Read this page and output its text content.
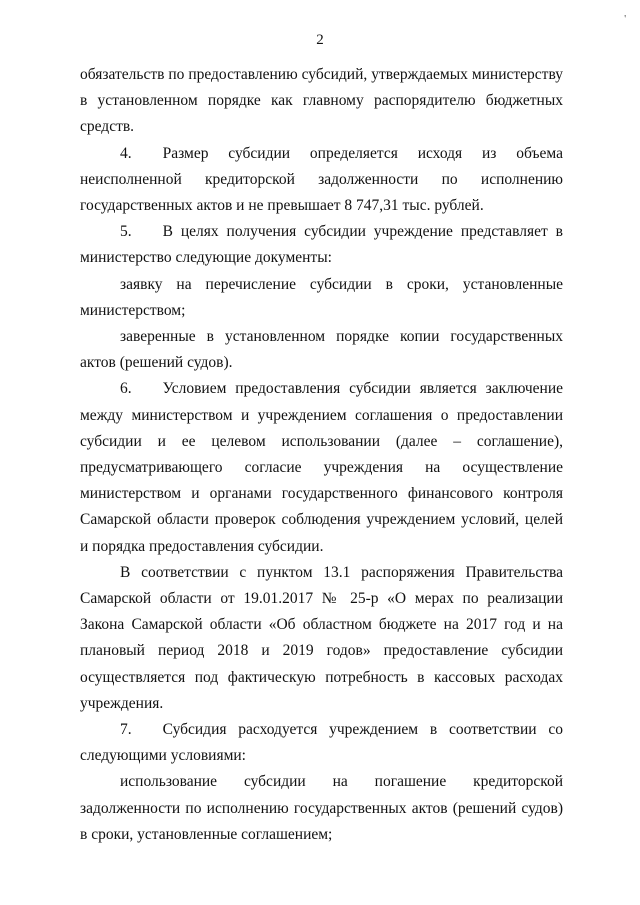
'
2

обязательств по предоставлению субсидий, утверждаемых министерству в установленном порядке как главному распорядителю бюджетных средств.

4.  Размер субсидии определяется исходя из объема неисполненной кредиторской задолженности по исполнению государственных актов и не превышает 8 747,31 тыс. рублей.

5.  В целях получения субсидии учреждение представляет в министерство следующие документы:

заявку на перечисление субсидии в сроки, установленные министерством;

заверенные в установленном порядке копии государственных актов (решений судов).

6.  Условием предоставления субсидии является заключение между министерством и учреждением соглашения о предоставлении субсидии и ее целевом использовании (далее – соглашение), предусматривающего согласие учреждения на осуществление министерством и органами государственного финансового контроля Самарской области проверок соблюдения учреждением условий, целей и порядка предоставления субсидии.

В соответствии с пунктом 13.1 распоряжения Правительства Самарской области от 19.01.2017 № 25-р «О мерах по реализации Закона Самарской области «Об областном бюджете на 2017 год и на плановый период 2018 и 2019 годов» предоставление субсидии осуществляется под фактическую потребность в кассовых расходах учреждения.

7.  Субсидия расходуется учреждением в соответствии со следующими условиями:

использование субсидии на погашение кредиторской задолженности по исполнению государственных актов (решений судов) в сроки, установленные соглашением;
